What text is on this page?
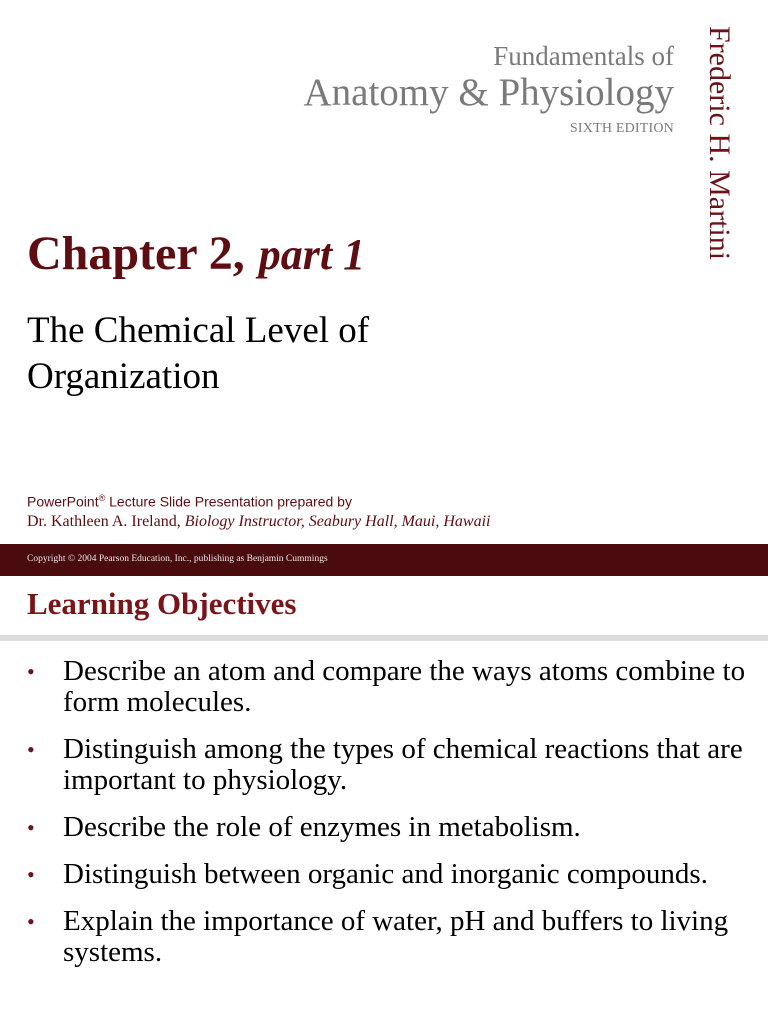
Fundamentals of
Anatomy & Physiology
SIXTH EDITION Frederic H. Martini
Chapter 2, part 1
The Chemical Level of
Organization
PowerPoint® Lecture Slide Presentation prepared by
Dr. Kathleen A. Ireland, Biology Instructor, Seabury Hall, Maui, Hawaii
Copyright © 2004 Pearson Education, Inc., publishing as Benjamin Cummings
Learning Objectives
• Describe an atom and compare the ways atoms combine to form molecules.
• Distinguish among the types of chemical reactions that are important to physiology.
• Describe the role of enzymes in metabolism.
• Distinguish between organic and inorganic compounds.
• Explain the importance of water, pH and buffers to living systems.
